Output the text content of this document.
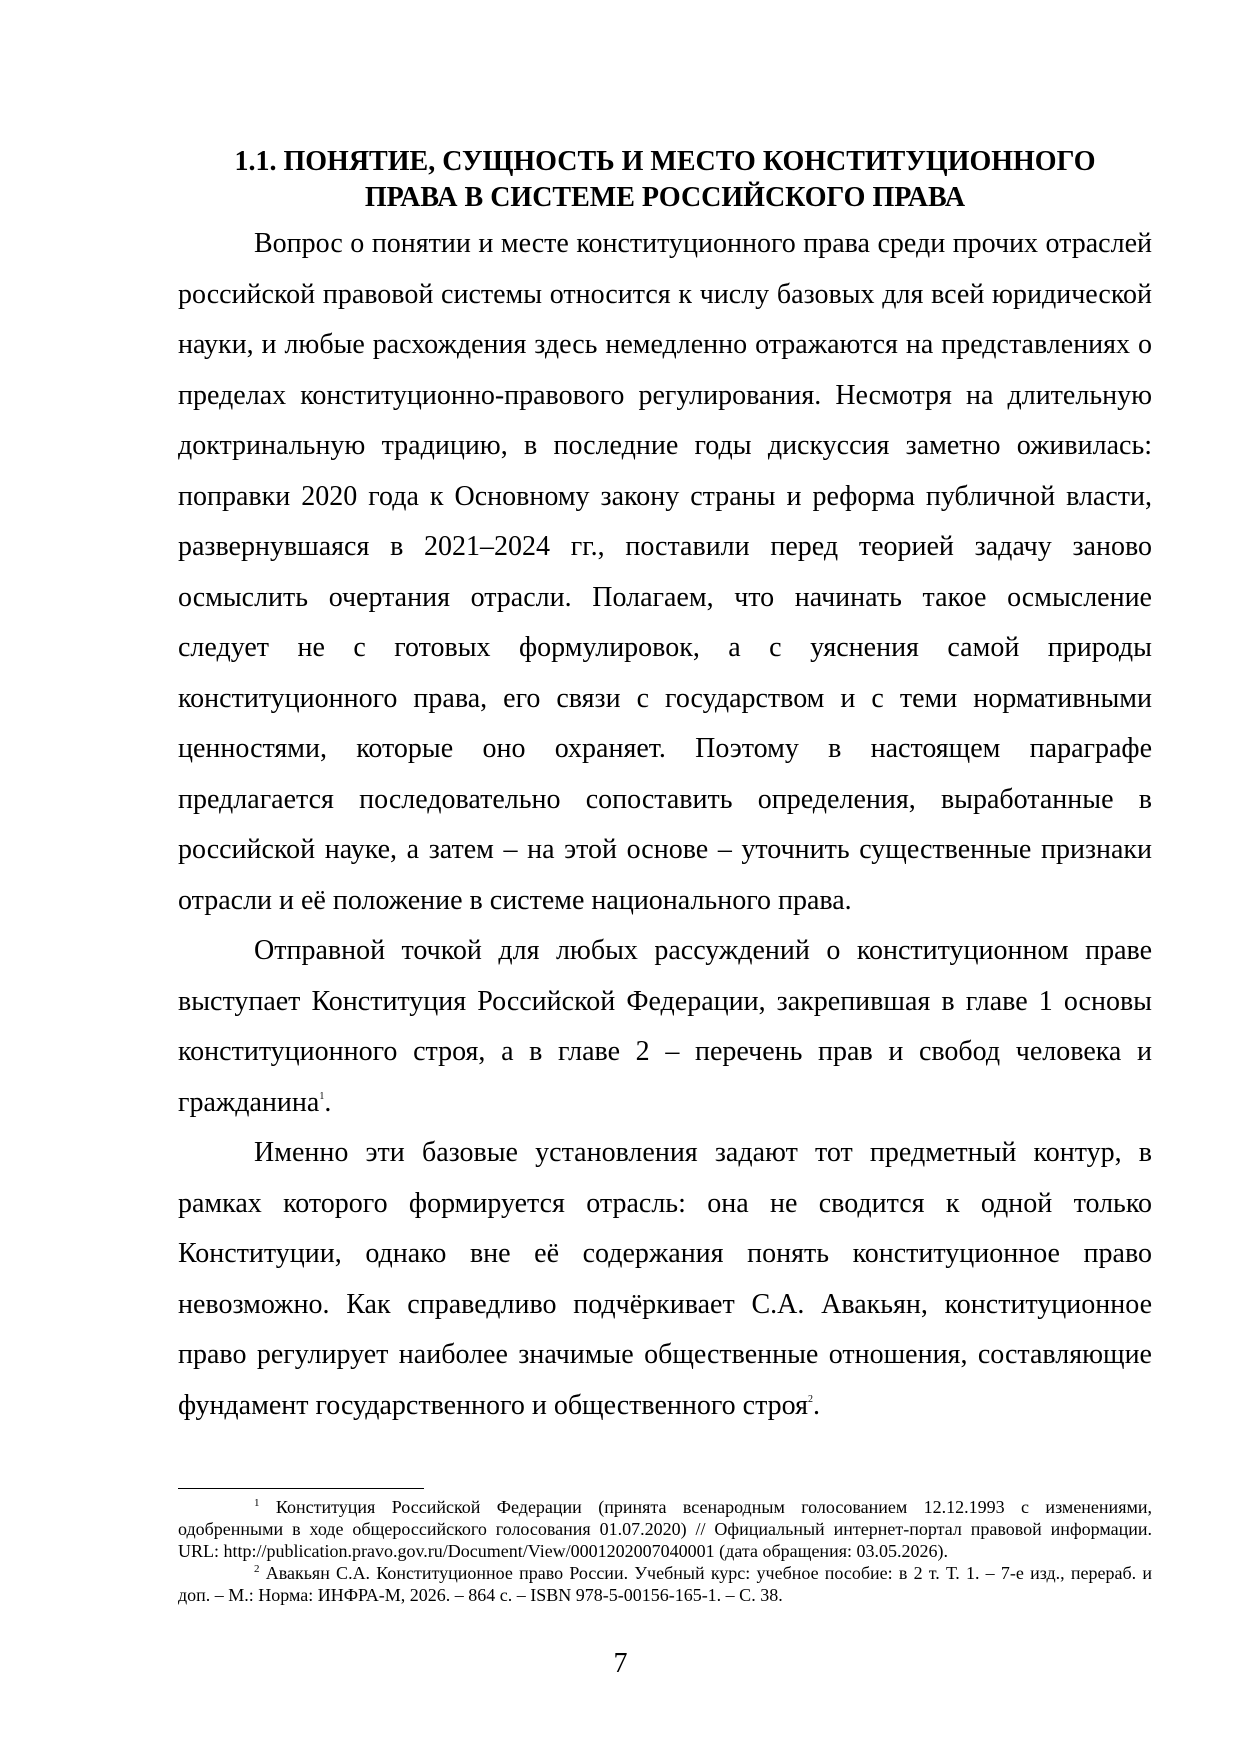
1.1. ПОНЯТИЕ, СУЩНОСТЬ И МЕСТО КОНСТИТУЦИОННОГО
ПРАВА В СИСТЕМЕ РОССИЙСКОГО ПРАВА

Вопрос о понятии и месте конституционного права среди прочих отраслей российской правовой системы относится к числу базовых для всей юридической науки, и любые расхождения здесь немедленно отражаются на представлениях о пределах конституционно-правового регулирования. Несмотря на длительную доктринальную традицию, в последние годы дискуссия заметно оживилась: поправки 2020 года к Основному закону страны и реформа публичной власти, развернувшаяся в 2021–2024 гг., поставили перед теорией задачу заново осмыслить очертания отрасли. Полагаем, что начинать такое осмысление следует не с готовых формулировок, а с уяснения самой природы конституционного права, его связи с государством и с теми нормативными ценностями, которые оно охраняет. Поэтому в настоящем параграфе предлагается последовательно сопоставить определения, выработанные в российской науке, а затем – на этой основе – уточнить существенные признаки отрасли и её положение в системе национального права.

Отправной точкой для любых рассуждений о конституционном праве выступает Конституция Российской Федерации, закрепившая в главе 1 основы конституционного строя, а в главе 2 – перечень прав и свобод человека и гражданина$^1$.

Именно эти базовые установления задают тот предметный контур, в рамках которого формируется отрасль: она не сводится к одной только Конституции, однако вне её содержания понять конституционное право невозможно. Как справедливо подчёркивает С.А. Авакьян, конституционное право регулирует наиболее значимые общественные отношения, составляющие фундамент государственного и общественного строя$^2$.

$^1$ Конституция Российской Федерации (принята всенародным голосованием 12.12.1993 с изменениями, одобренными в ходе общероссийского голосования 01.07.2020) // Официальный интернет-портал правовой информации. URL: http://publication.pravo.gov.ru/Document/View/0001202007040001 (дата обращения: 03.05.2026).

$^2$ Авакьян С.А. Конституционное право России. Учебный курс: учебное пособие: в 2 т. Т. 1. – 7-е изд., перераб. и доп. – М.: Норма: ИНФРА-М, 2026. – 864 с. – ISBN 978-5-00156-165-1. – С. 38.

7
